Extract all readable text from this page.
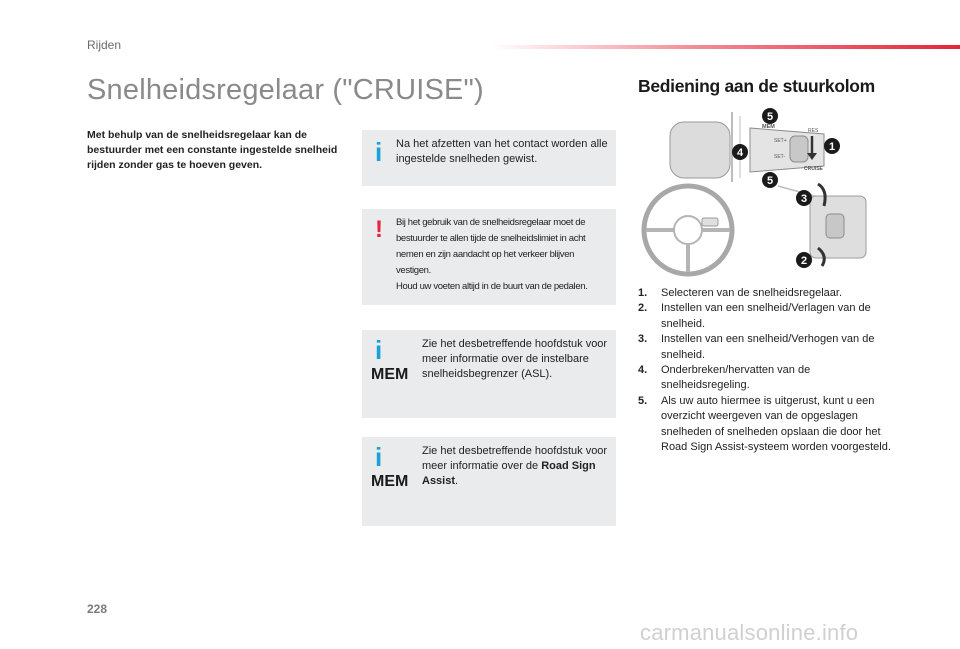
Rijden
Snelheidsregelaar ("CRUISE")

Met behulp van de snelheidsregelaar kan de bestuurder met een constante ingestelde snelheid rijden zonder gas te hoeven geven.	i Na het afzetten van het contact worden alle ingestelde snelheden gewist.
! Bij het gebruik van de snelheidsregelaar moet de bestuurder te allen tijde de snelheidslimiet in acht nemen en zijn aandacht op het verkeer blijven vestigen.
Houd uw voeten altijd in de buurt van de pedalen.
i
MEM
Zie het desbetreffende hoofdstuk voor meer informatie over de instelbare snelheidsbegrenzer (ASL).
i
MEM
Zie het desbetreffende hoofdstuk voor meer informatie over de Road Sign Assist.
Bediening aan de stuurkolom
MEM
SET+
SET-
RES
CRUISE
5
4
5
1
3
2
1. Selecteren van de snelheidsregelaar.
2. Instellen van een snelheid/Verlagen van de snelheid.
3. Instellen van een snelheid/Verhogen van de snelheid.
4. Onderbreken/hervatten van de snelheidsregeling.
5. Als uw auto hiermee is uitgerust, kunt u een overzicht weergeven van de opgeslagen snelheden of snelheden opslaan die door het Road Sign Assist-systeem worden voorgesteld.
228
carmanualsonline.info
